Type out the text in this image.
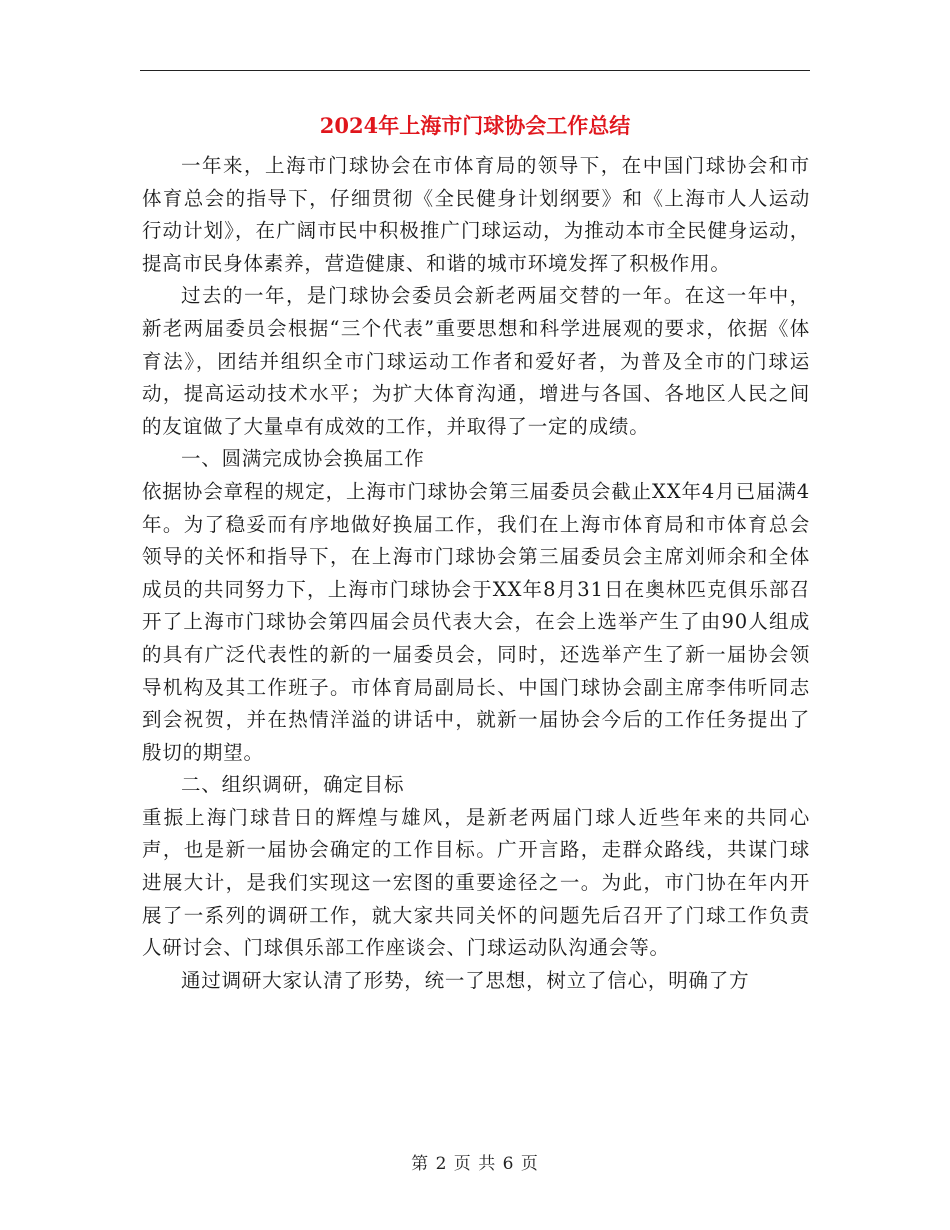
2024年上海市门球协会工作总结

一年来，上海市门球协会在市体育局的领导下，在中国门球协会和市体育总会的指导下，仔细贯彻《全民健身计划纲要》和《上海市人人运动行动计划》，在广阔市民中积极推广门球运动，为推动本市全民健身运动，提高市民身体素养，营造健康、和谐的城市环境发挥了积极作用。

过去的一年，是门球协会委员会新老两届交替的一年。在这一年中，新老两届委员会根据“三个代表”重要思想和科学进展观的要求，依据《体育法》，团结并组织全市门球运动工作者和爱好者，为普及全市的门球运动，提高运动技术水平；为扩大体育沟通，增进与各国、各地区人民之间的友谊做了大量卓有成效的工作，并取得了一定的成绩。

一、圆满完成协会换届工作

依据协会章程的规定，上海市门球协会第三届委员会截止XX年4月已届满4年。为了稳妥而有序地做好换届工作，我们在上海市体育局和市体育总会领导的关怀和指导下，在上海市门球协会第三届委员会主席刘师余和全体成员的共同努力下，上海市门球协会于XX年8月31日在奥林匹克俱乐部召开了上海市门球协会第四届会员代表大会，在会上选举产生了由90人组成的具有广泛代表性的新的一届委员会，同时，还选举产生了新一届协会领导机构及其工作班子。市体育局副局长、中国门球协会副主席李伟听同志到会祝贺，并在热情洋溢的讲话中，就新一届协会今后的工作任务提出了殷切的期望。

二、组织调研，确定目标

重振上海门球昔日的辉煌与雄风，是新老两届门球人近些年来的共同心声，也是新一届协会确定的工作目标。广开言路，走群众路线，共谋门球进展大计，是我们实现这一宏图的重要途径之一。为此，市门协在年内开展了一系列的调研工作，就大家共同关怀的问题先后召开了门球工作负责人研讨会、门球俱乐部工作座谈会、门球运动队沟通会等。

通过调研大家认清了形势，统一了思想，树立了信心，明确了方

第 2 页 共 6 页
